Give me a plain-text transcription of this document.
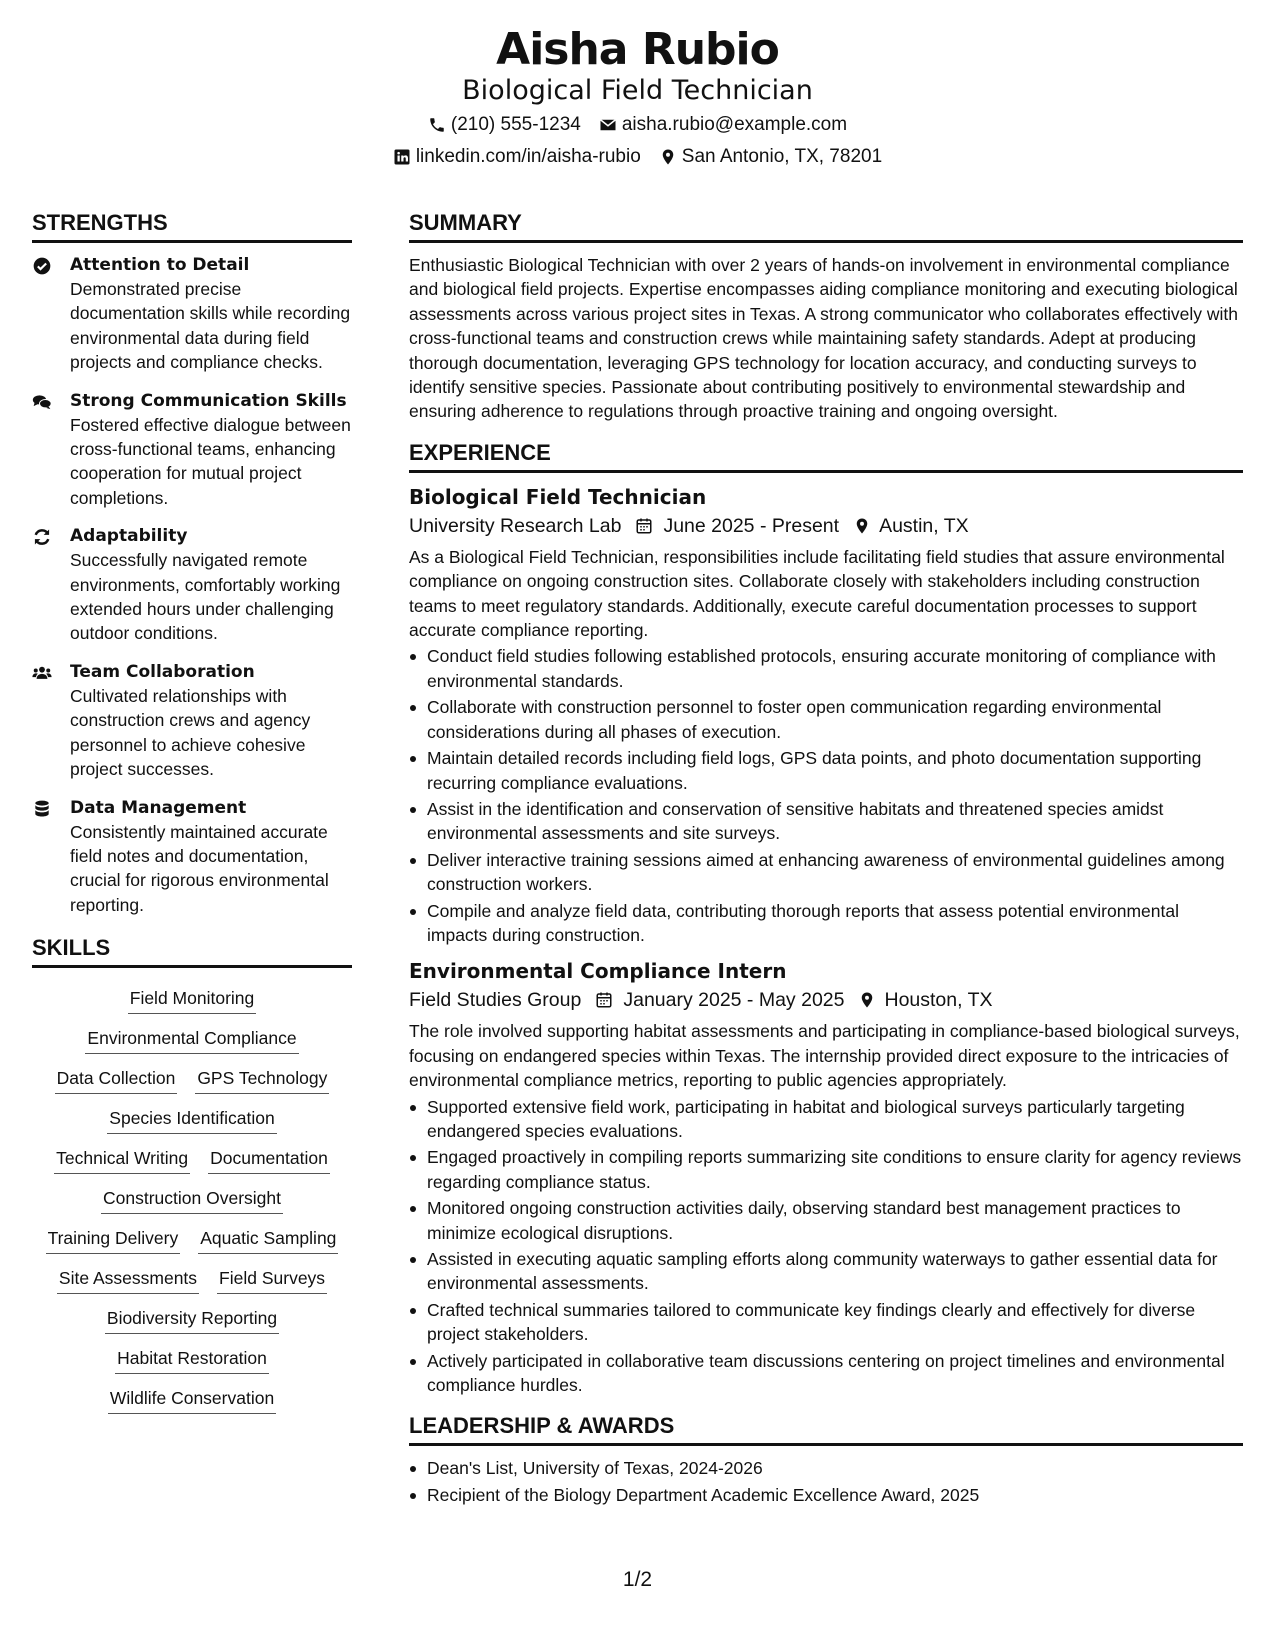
Aisha Rubio
Biological Field Technician
(210) 555-1234 aisha.rubio@example.com
linkedin.com/in/aisha-rubio San Antonio, TX, 78201
STRENGTHS
Attention to Detail
Demonstrated precise documentation skills while recording environmental data during field projects and compliance checks.
Strong Communication Skills
Fostered effective dialogue between cross-functional teams, enhancing cooperation for mutual project completions.
Adaptability
Successfully navigated remote environments, comfortably working extended hours under challenging outdoor conditions.
Team Collaboration
Cultivated relationships with construction crews and agency personnel to achieve cohesive project successes.
Data Management
Consistently maintained accurate field notes and documentation, crucial for rigorous environmental reporting.
SKILLS
Field Monitoring
Environmental Compliance
Data Collection GPS Technology
Species Identification
Technical Writing Documentation
Construction Oversight
Training Delivery Aquatic Sampling
Site Assessments Field Surveys
Biodiversity Reporting
Habitat Restoration
Wildlife Conservation
SUMMARY
Enthusiastic Biological Technician with over 2 years of hands-on involvement in environmental compliance and biological field projects. Expertise encompasses aiding compliance monitoring and executing biological assessments across various project sites in Texas. A strong communicator who collaborates effectively with cross-functional teams and construction crews while maintaining safety standards. Adept at producing thorough documentation, leveraging GPS technology for location accuracy, and conducting surveys to identify sensitive species. Passionate about contributing positively to environmental stewardship and ensuring adherence to regulations through proactive training and ongoing oversight.
EXPERIENCE
Biological Field Technician
University Research Lab June 2025 - Present Austin, TX
As a Biological Field Technician, responsibilities include facilitating field studies that assure environmental compliance on ongoing construction sites. Collaborate closely with stakeholders including construction teams to meet regulatory standards. Additionally, execute careful documentation processes to support accurate compliance reporting.
Conduct field studies following established protocols, ensuring accurate monitoring of compliance with environmental standards.
Collaborate with construction personnel to foster open communication regarding environmental considerations during all phases of execution.
Maintain detailed records including field logs, GPS data points, and photo documentation supporting recurring compliance evaluations.
Assist in the identification and conservation of sensitive habitats and threatened species amidst environmental assessments and site surveys.
Deliver interactive training sessions aimed at enhancing awareness of environmental guidelines among construction workers.
Compile and analyze field data, contributing thorough reports that assess potential environmental impacts during construction.
Environmental Compliance Intern
Field Studies Group January 2025 - May 2025 Houston, TX
The role involved supporting habitat assessments and participating in compliance-based biological surveys, focusing on endangered species within Texas. The internship provided direct exposure to the intricacies of environmental compliance metrics, reporting to public agencies appropriately.
Supported extensive field work, participating in habitat and biological surveys particularly targeting endangered species evaluations.
Engaged proactively in compiling reports summarizing site conditions to ensure clarity for agency reviews regarding compliance status.
Monitored ongoing construction activities daily, observing standard best management practices to minimize ecological disruptions.
Assisted in executing aquatic sampling efforts along community waterways to gather essential data for environmental assessments.
Crafted technical summaries tailored to communicate key findings clearly and effectively for diverse project stakeholders.
Actively participated in collaborative team discussions centering on project timelines and environmental compliance hurdles.
LEADERSHIP & AWARDS
Dean's List, University of Texas, 2024-2026
Recipient of the Biology Department Academic Excellence Award, 2025
1/2
